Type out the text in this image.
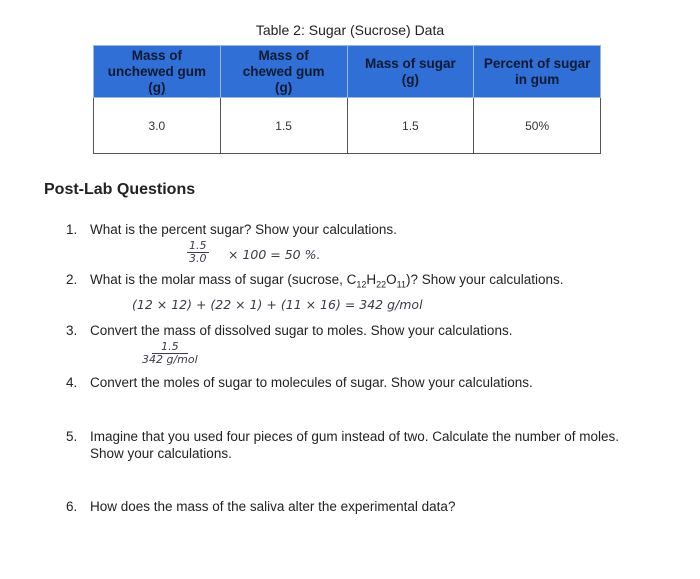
Table 2: Sugar (Sucrose) Data
Mass of
unchewed gum
(g)	Mass of
chewed gum
(g)	Mass of sugar
(g)	Percent of sugar
in gum
3.0	1.5	1.5	50%
Post-Lab Questions
1. What is the percent sugar? Show your calculations.
$\frac{1.5}{3.0} \times 100 = 50$ %.
2. What is the molar mass of sugar (sucrose, $C_{12}H_{22}O_{11}$)? Show your calculations.
(12 × 12) + (22 × 1) + (11 × 16) = 342 g/mol
3. Convert the mass of dissolved sugar to moles. Show your calculations.
1.5
342 g/mol
4. Convert the moles of sugar to molecules of sugar. Show your calculations.
5. Imagine that you used four pieces of gum instead of two. Calculate the number of moles.
Show your calculations.
6. How does the mass of the saliva alter the experimental data?
